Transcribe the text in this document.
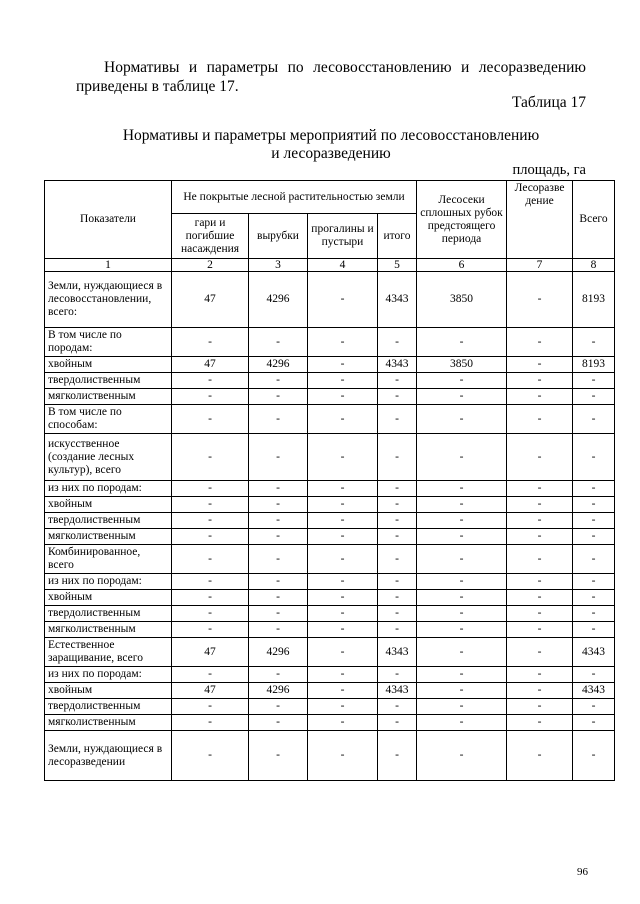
Нормативы и параметры по лесовосстановлению и лесоразведению приведены в таблице 17.

Таблица 17

Нормативы и параметры мероприятий по лесовосстановлению
и лесоразведению

площадь, га

Показатели	Не покрытые лесной растительностью земли				Лесосеки сплошных рубок предстоящего периода	Лесоразве дение	Всего
	гари и погибшие насаждения	вырубки	прогалины и пустыри	итого			
1	2	3	4	5	6	7	8
Земли, нуждающиеся в лесовосстановлении, всего:	47	4296	-	4343	3850	-	8193
В том числе по породам:	-	-	-	-	-	-	-
хвойным	47	4296	-	4343	3850	-	8193
твердолиственным	-	-	-	-	-	-	-
мягколиственным	-	-	-	-	-	-	-
В том числе по способам:	-	-	-	-	-	-	-
искусственное (создание лесных культур), всего	-	-	-	-	-	-	-
из них по породам:	-	-	-	-	-	-	-
хвойным	-	-	-	-	-	-	-
твердолиственным	-	-	-	-	-	-	-
мягколиственным	-	-	-	-	-	-	-
Комбинированное, всего	-	-	-	-	-	-	-
из них по породам:	-	-	-	-	-	-	-
хвойным	-	-	-	-	-	-	-
твердолиственным	-	-	-	-	-	-	-
мягколиственным	-	-	-	-	-	-	-
Естественное заращивание, всего	47	4296	-	4343	-	-	4343
из них по породам:	-	-	-	-	-	-	-
хвойным	47	4296	-	4343	-	-	4343
твердолиственным	-	-	-	-	-	-	-
мягколиственным	-	-	-	-	-	-	-
Земли, нуждающиеся в лесоразведении	-	-	-	-	-	-	-

96
